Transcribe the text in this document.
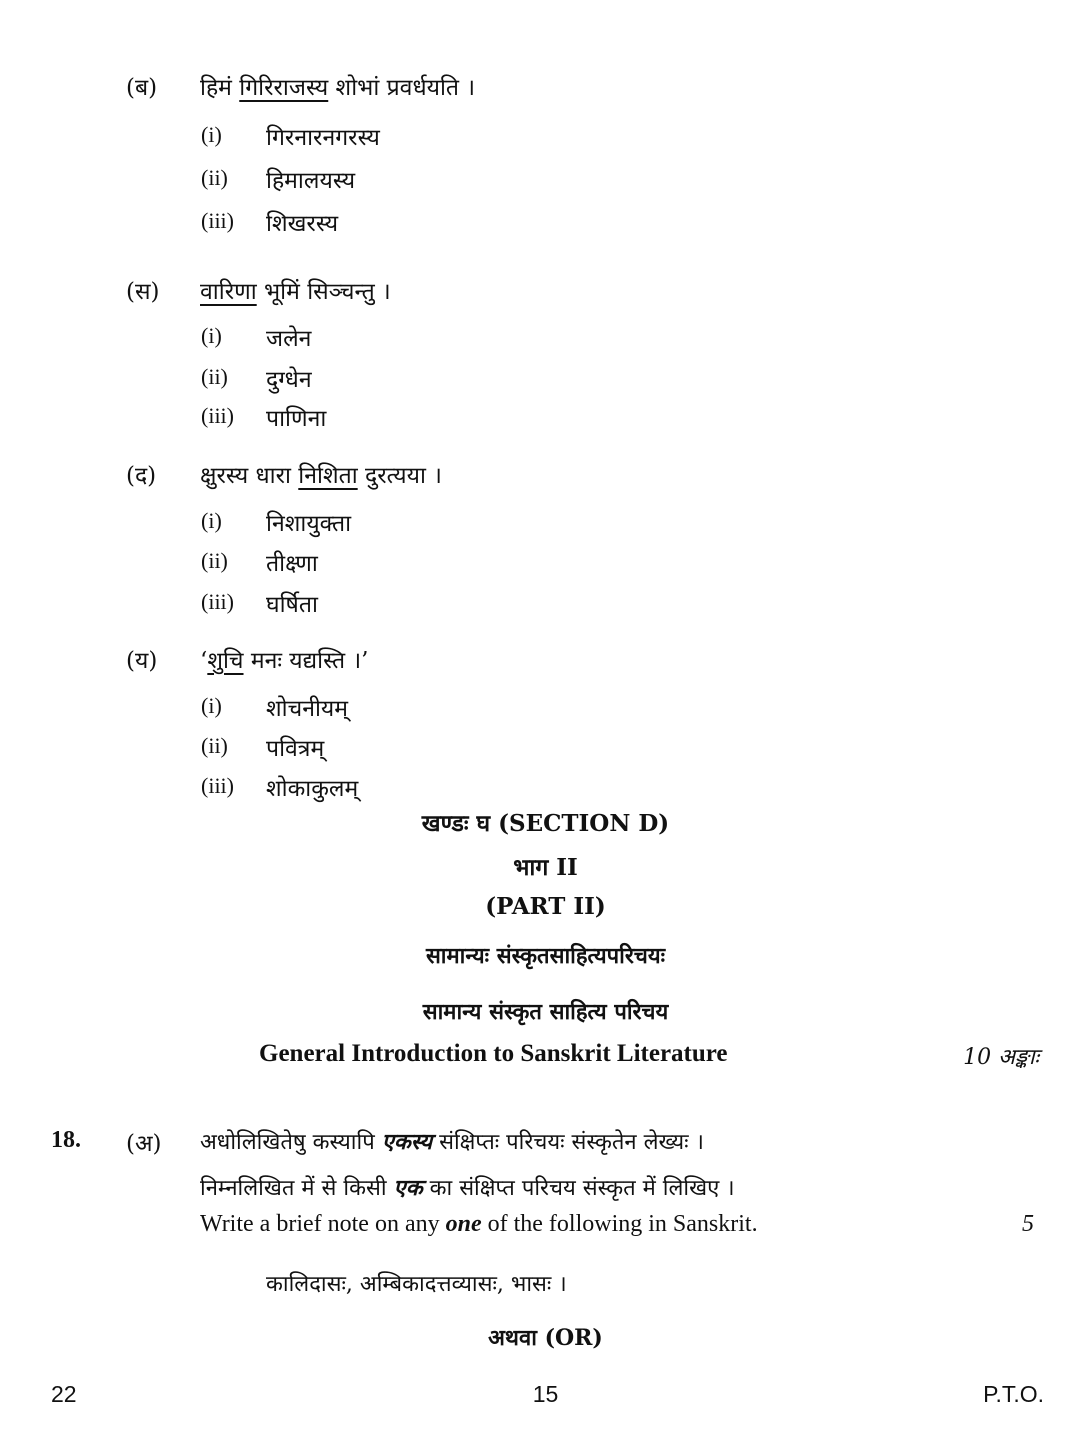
(ब) हिमं गिरिराजस्य शोभां प्रवर्धयति ।
(i) गिरनारनगरस्य
(ii) हिमालयस्य
(iii) शिखरस्य
(स) वारिणा भूमिं सिञ्चन्तु ।
(i) जलेन
(ii) दुग्धेन
(iii) पाणिना
(द) क्षुरस्य धारा निशिता दुरत्यया ।
(i) निशायुक्ता
(ii) तीक्ष्णा
(iii) घर्षिता
(य) ‘शुचि मनः यद्यस्ति ।’
(i) शोचनीयम्
(ii) पवित्रम्
(iii) शोकाकुलम्
खण्डः घ (SECTION D)
भाग II
(PART II)
सामान्यः संस्कृतसाहित्यपरिचयः
सामान्य संस्कृत साहित्य परिचय
General Introduction to Sanskrit Literature	10 अङ्काः
18. (अ) अधोलिखितेषु कस्यापि एकस्य संक्षिप्तः परिचयः संस्कृतेन लेख्यः ।
निम्नलिखित में से किसी एक का संक्षिप्त परिचय संस्कृत में लिखिए ।
Write a brief note on any one of the following in Sanskrit.	5
कालिदासः, अम्बिकादत्तव्यासः, भासः ।
अथवा (OR)
22	15	P.T.O.
